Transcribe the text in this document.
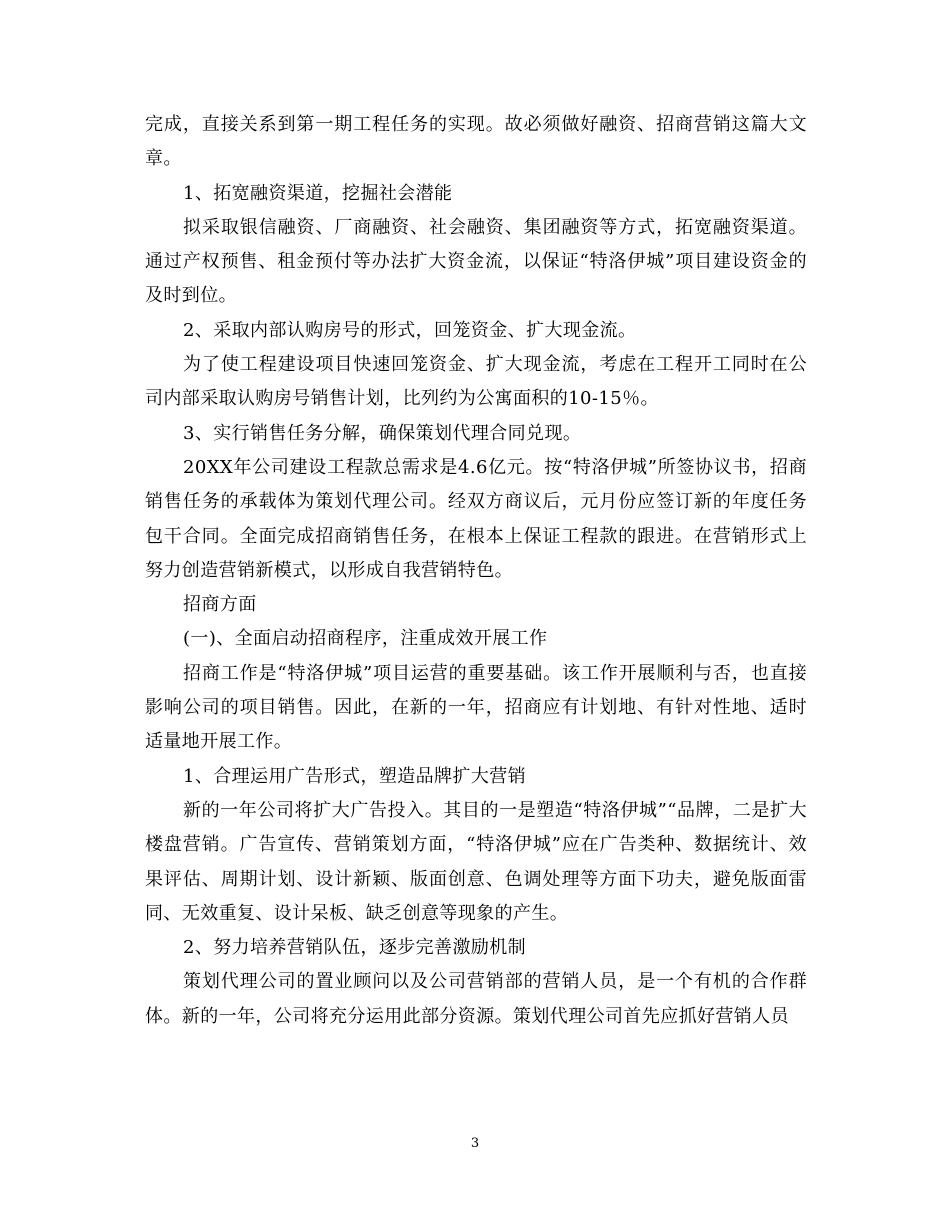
完成，直接关系到第一期工程任务的实现。故必须做好融资、招商营销这篇大文章。

1、拓宽融资渠道，挖掘社会潜能

拟采取银信融资、厂商融资、社会融资、集团融资等方式，拓宽融资渠道。通过产权预售、租金预付等办法扩大资金流，以保证“特洛伊城”项目建设资金的及时到位。

2、采取内部认购房号的形式，回笼资金、扩大现金流。

为了使工程建设项目快速回笼资金、扩大现金流，考虑在工程开工同时在公司内部采取认购房号销售计划，比列约为公寓面积的10-15％。

3、实行销售任务分解，确保策划代理合同兑现。

20XX年公司建设工程款总需求是4.6亿元。按“特洛伊城”所签协议书，招商销售任务的承载体为策划代理公司。经双方商议后，元月份应签订新的年度任务包干合同。全面完成招商销售任务，在根本上保证工程款的跟进。在营销形式上努力创造营销新模式，以形成自我营销特色。

招商方面

(一)、全面启动招商程序，注重成效开展工作

招商工作是“特洛伊城”项目运营的重要基础。该工作开展顺利与否，也直接影响公司的项目销售。因此，在新的一年，招商应有计划地、有针对性地、适时适量地开展工作。

1、合理运用广告形式，塑造品牌扩大营销

新的一年公司将扩大广告投入。其目的一是塑造“特洛伊城”“品牌，二是扩大楼盘营销。广告宣传、营销策划方面，“特洛伊城”应在广告类种、数据统计、效果评估、周期计划、设计新颖、版面创意、色调处理等方面下功夫，避免版面雷同、无效重复、设计呆板、缺乏创意等现象的产生。

2、努力培养营销队伍，逐步完善激励机制

策划代理公司的置业顾问以及公司营销部的营销人员，是一个有机的合作群体。新的一年，公司将充分运用此部分资源。策划代理公司首先应抓好营销人员

3
